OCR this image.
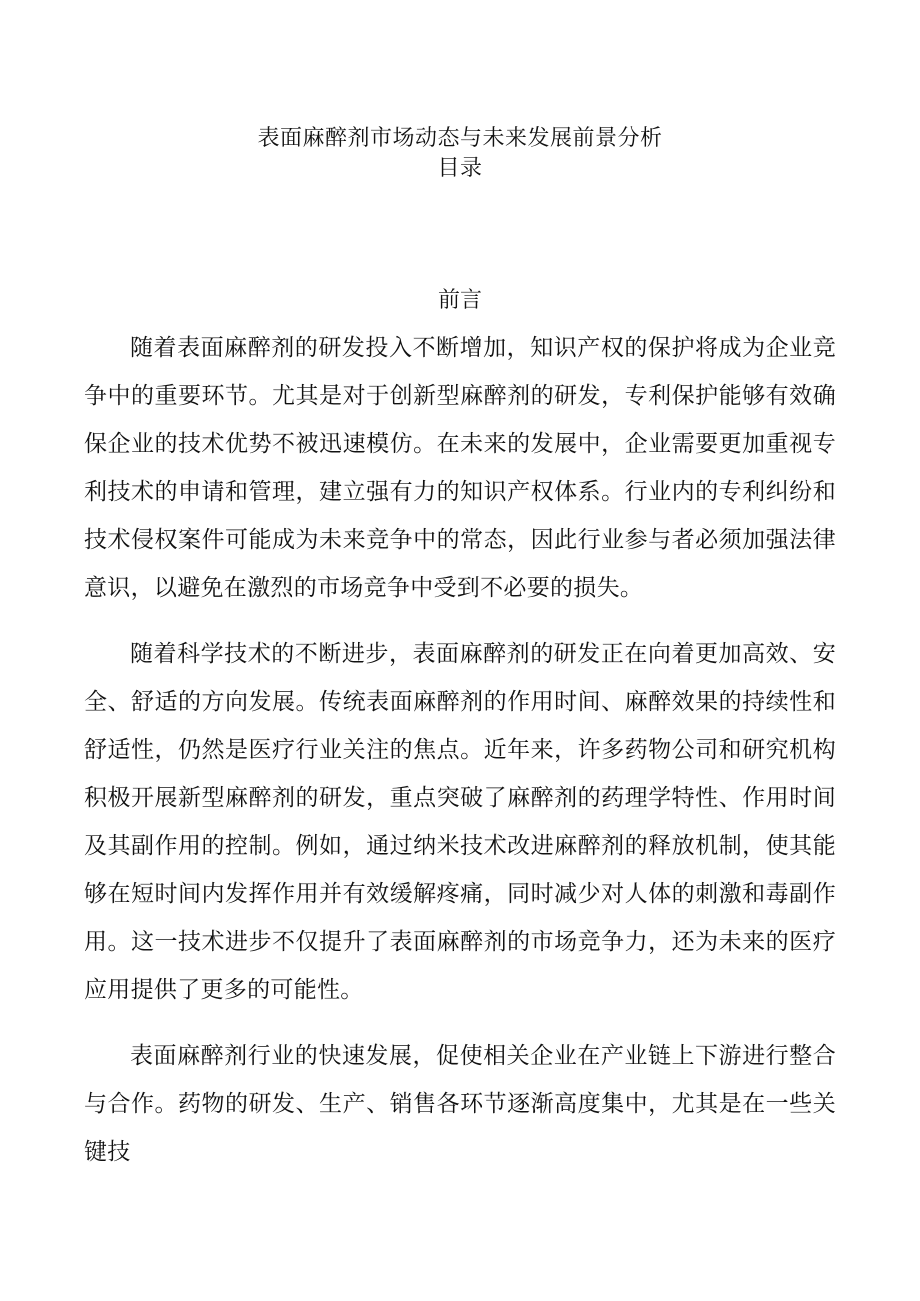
表面麻醉剂市场动态与未来发展前景分析
目录
前言

随着表面麻醉剂的研发投入不断增加，知识产权的保护将成为企业竞争中的重要环节。尤其是对于创新型麻醉剂的研发，专利保护能够有效确保企业的技术优势不被迅速模仿。在未来的发展中，企业需要更加重视专利技术的申请和管理，建立强有力的知识产权体系。行业内的专利纠纷和技术侵权案件可能成为未来竞争中的常态，因此行业参与者必须加强法律意识，以避免在激烈的市场竞争中受到不必要的损失。

随着科学技术的不断进步，表面麻醉剂的研发正在向着更加高效、安全、舒适的方向发展。传统表面麻醉剂的作用时间、麻醉效果的持续性和舒适性，仍然是医疗行业关注的焦点。近年来，许多药物公司和研究机构积极开展新型麻醉剂的研发，重点突破了麻醉剂的药理学特性、作用时间及其副作用的控制。例如，通过纳米技术改进麻醉剂的释放机制，使其能够在短时间内发挥作用并有效缓解疼痛，同时减少对人体的刺激和毒副作用。这一技术进步不仅提升了表面麻醉剂的市场竞争力，还为未来的医疗应用提供了更多的可能性。

表面麻醉剂行业的快速发展，促使相关企业在产业链上下游进行整合与合作。药物的研发、生产、销售各环节逐渐高度集中，尤其是在一些关键技
